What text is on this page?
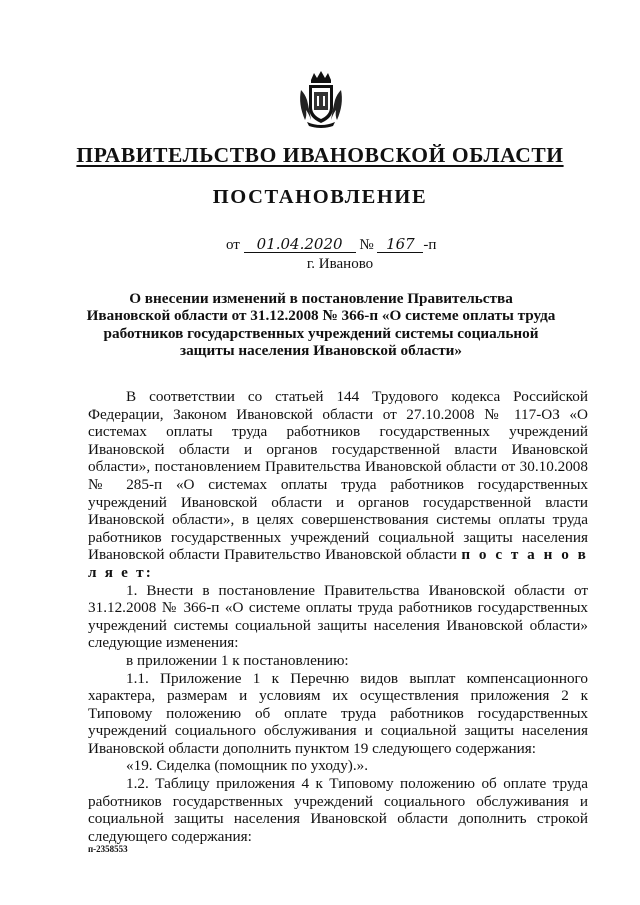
ПРАВИТЕЛЬСТВО ИВАНОВСКОЙ ОБЛАСТИ
ПОСТАНОВЛЕНИЕ
от 01.04.2020 № 167 -п
г. Иваново
О внесении изменений в постановление Правительства Ивановской области от 31.12.2008 № 366-п «О системе оплаты труда работников государственных учреждений системы социальной защиты населения Ивановской области»

В соответствии со статьей 144 Трудового кодекса Российской Федерации, Законом Ивановской области от 27.10.2008 № 117-ОЗ «О системах оплаты труда работников государственных учреждений Ивановской области и органов государственной власти Ивановской области», постановлением Правительства Ивановской области от 30.10.2008 № 285-п «О системах оплаты труда работников государственных учреждений Ивановской области и органов государственной власти Ивановской области», в целях совершенствования системы оплаты труда работников государственных учреждений социальной защиты населения Ивановской области Правительство Ивановской области п о с т а н о в л я е т:

1. Внести в постановление Правительства Ивановской области от 31.12.2008 № 366-п «О системе оплаты труда работников государственных учреждений системы социальной защиты населения Ивановской области» следующие изменения:

в приложении 1 к постановлению:

1.1. Приложение 1 к Перечню видов выплат компенсационного характера, размерам и условиям их осуществления приложения 2 к Типовому положению об оплате труда работников государственных учреждений социального обслуживания и социальной защиты населения Ивановской области дополнить пунктом 19 следующего содержания:

«19. Сиделка (помощник по уходу).».

1.2. Таблицу приложения 4 к Типовому положению об оплате труда работников государственных учреждений социального обслуживания и социальной защиты населения Ивановской области дополнить строкой следующего содержания:

п-2358553
